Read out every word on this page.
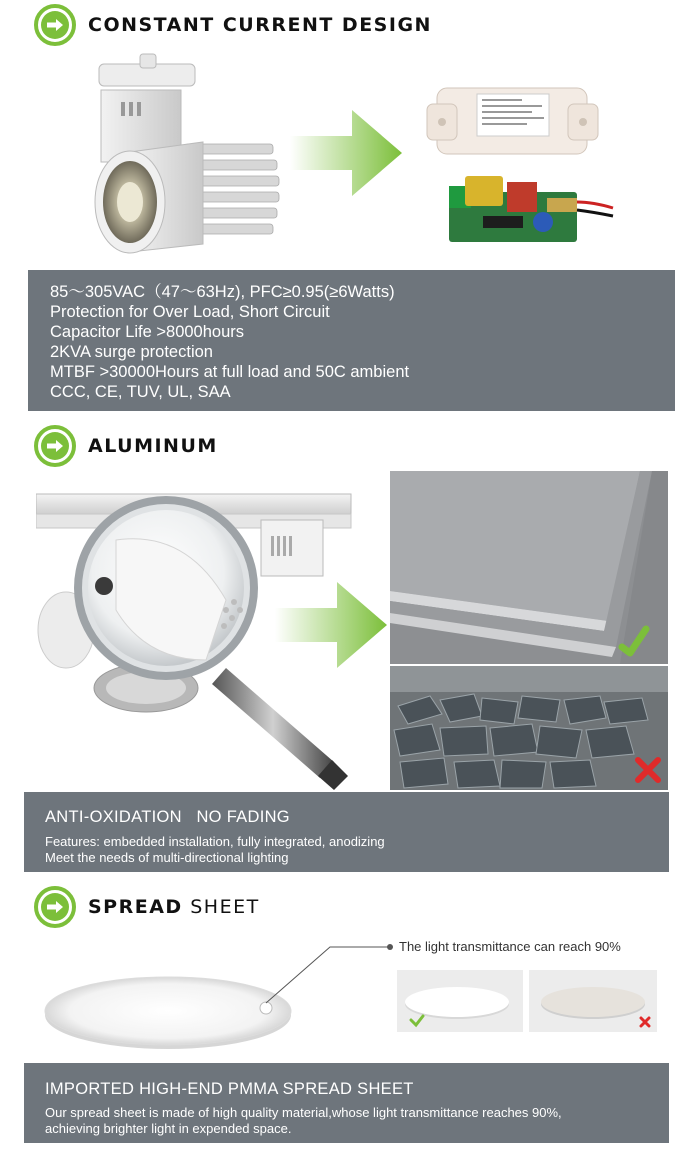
CONSTANT CURRENT DESIGN
85～305VAC（47～63Hz), PFC≥0.95(≥6Watts)
Protection for Over Load, Short Circuit
Capacitor Life >8000hours
2KVA surge protection
MTBF >30000Hours at full load and 50C ambient
CCC, CE, TUV, UL, SAA
ALUMINUM
ANTI-OXIDATION   NO FADING
Features: embedded installation, fully integrated, anodizing
Meet the needs of multi-directional lighting
SPREAD SHEET
The light transmittance can reach 90%
IMPORTED HIGH-END PMMA SPREAD SHEET
Our spread sheet is made of high quality material,whose light transmittance reaches 90%,
achieving brighter light in expended space.
